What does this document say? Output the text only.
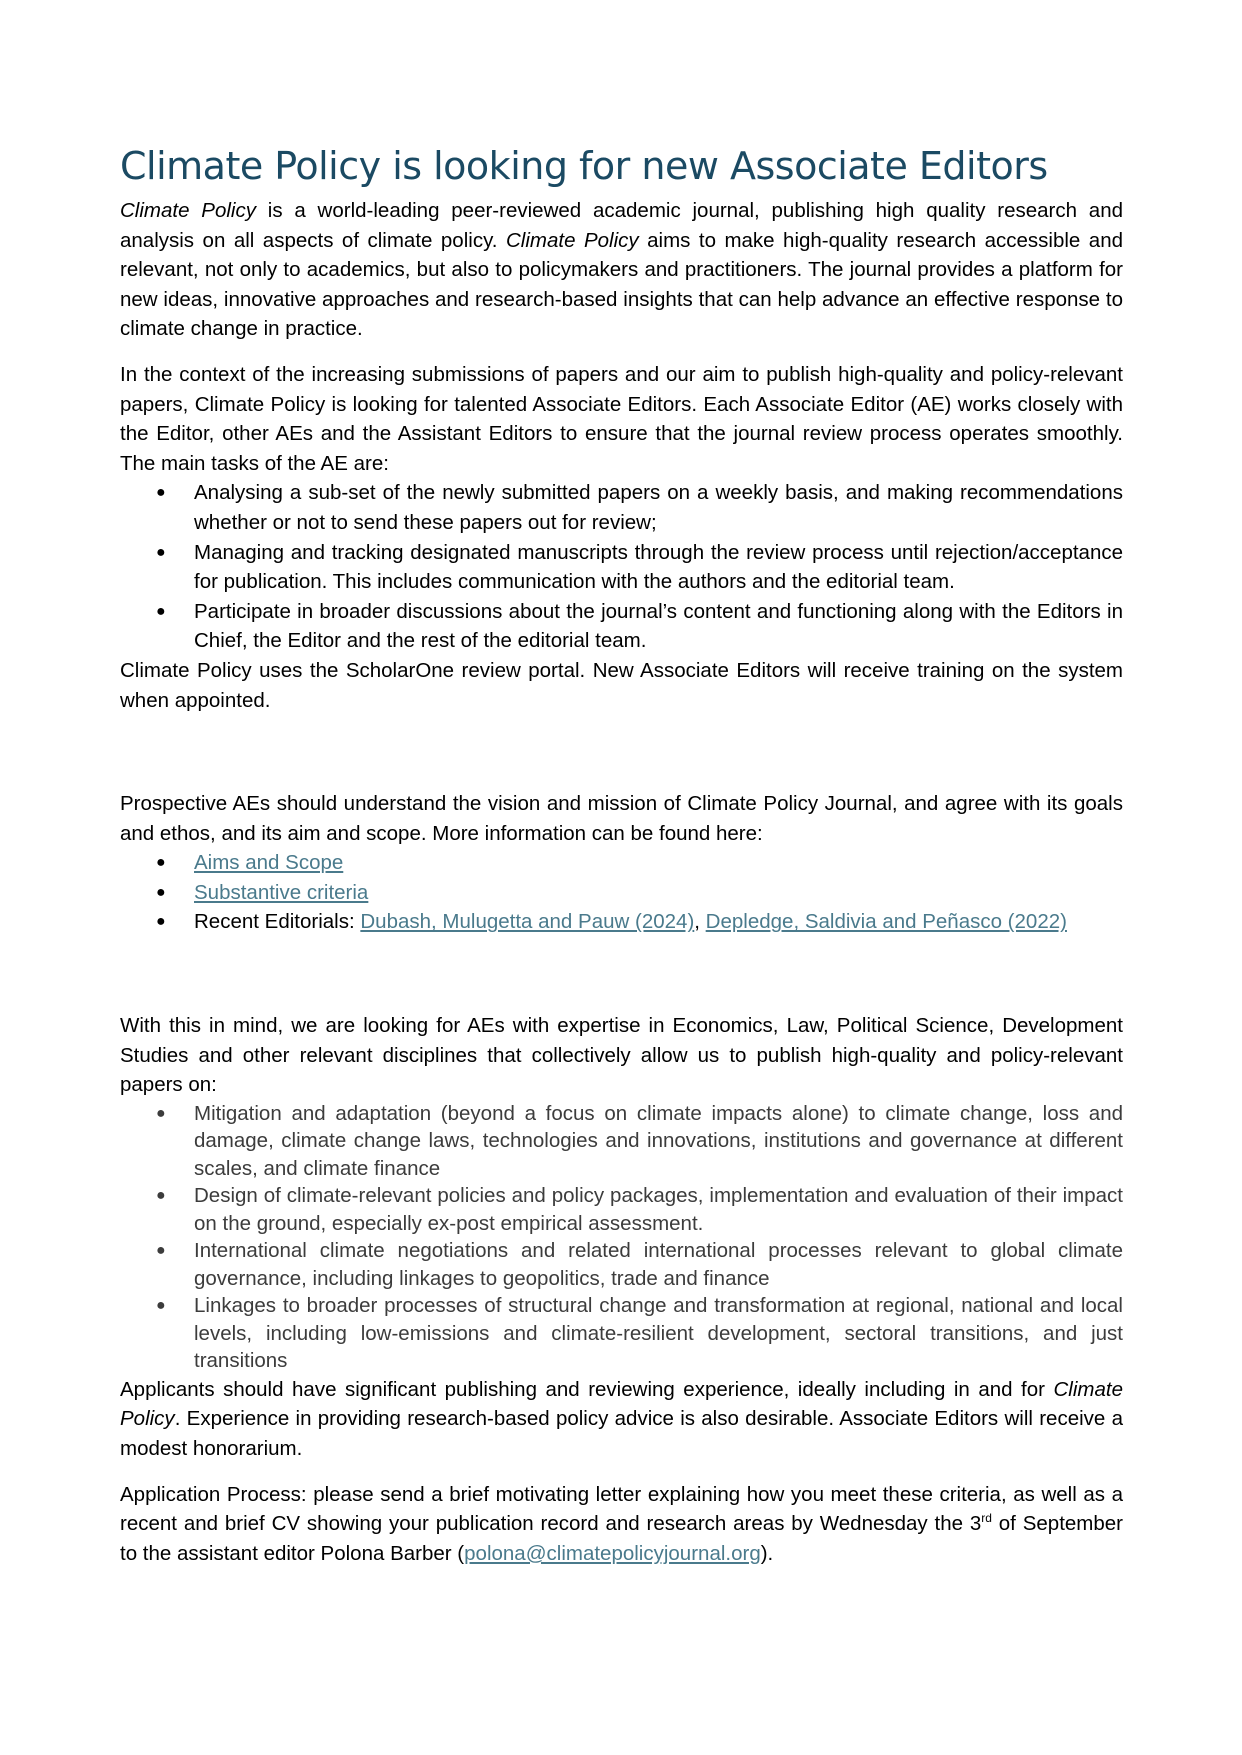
Climate Policy is looking for new Associate Editors

Climate Policy is a world-leading peer-reviewed academic journal, publishing high quality research and analysis on all aspects of climate policy. Climate Policy aims to make high-quality research accessible and relevant, not only to academics, but also to policymakers and practitioners. The journal provides a platform for new ideas, innovative approaches and research-based insights that can help advance an effective response to climate change in practice.

In the context of the increasing submissions of papers and our aim to publish high-quality and policy-relevant papers, Climate Policy is looking for talented Associate Editors. Each Associate Editor (AE) works closely with the Editor, other AEs and the Assistant Editors to ensure that the journal review process operates smoothly. The main tasks of the AE are:

● Analysing a sub-set of the newly submitted papers on a weekly basis, and making recommendations whether or not to send these papers out for review;
● Managing and tracking designated manuscripts through the review process until rejection/acceptance for publication. This includes communication with the authors and the editorial team.
● Participate in broader discussions about the journal’s content and functioning along with the Editors in Chief, the Editor and the rest of the editorial team.

Climate Policy uses the ScholarOne review portal. New Associate Editors will receive training on the system when appointed.

Prospective AEs should understand the vision and mission of Climate Policy Journal, and agree with its goals and ethos, and its aim and scope. More information can be found here:

● Aims and Scope
● Substantive criteria
● Recent Editorials: Dubash, Mulugetta and Pauw (2024), Depledge, Saldivia and Peñasco (2022)

With this in mind, we are looking for AEs with expertise in Economics, Law, Political Science, Development Studies and other relevant disciplines that collectively allow us to publish high-quality and policy-relevant papers on:

● Mitigation and adaptation (beyond a focus on climate impacts alone) to climate change, loss and damage, climate change laws, technologies and innovations, institutions and governance at different scales, and climate finance
● Design of climate-relevant policies and policy packages, implementation and evaluation of their impact on the ground, especially ex-post empirical assessment.
● International climate negotiations and related international processes relevant to global climate governance, including linkages to geopolitics, trade and finance
● Linkages to broader processes of structural change and transformation at regional, national and local levels, including low-emissions and climate-resilient development, sectoral transitions, and just transitions

Applicants should have significant publishing and reviewing experience, ideally including in and for Climate Policy. Experience in providing research-based policy advice is also desirable. Associate Editors will receive a modest honorarium.

Application Process: please send a brief motivating letter explaining how you meet these criteria, as well as a recent and brief CV showing your publication record and research areas by Wednesday the 3rd of September to the assistant editor Polona Barber (polona@climatepolicyjournal.org).
